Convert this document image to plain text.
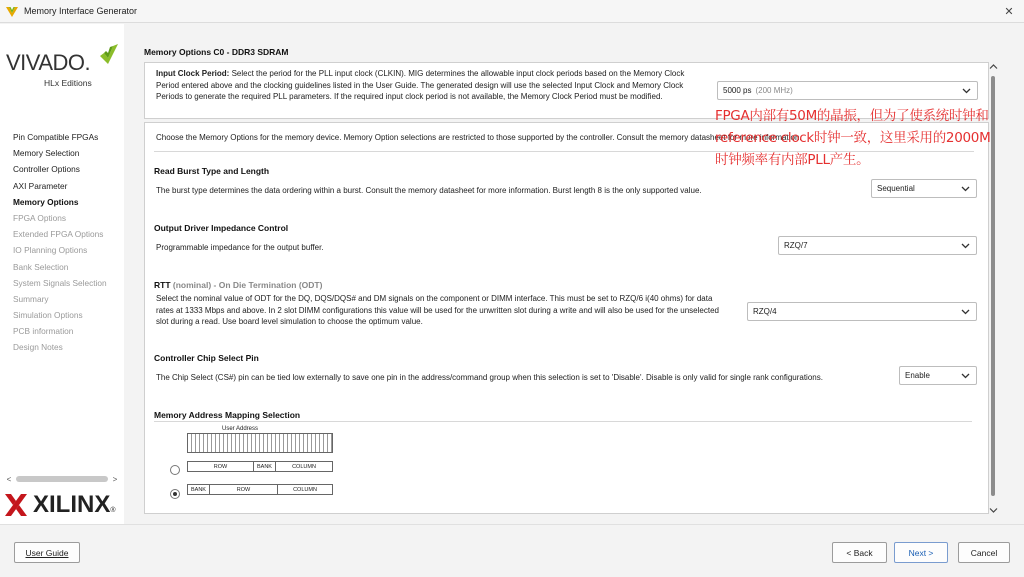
Memory Interface Generator	✕
VIVADO.
HLx Editions
Pin Compatible FPGAs
Memory Selection
Controller Options
AXI Parameter
Memory Options
FPGA Options
Extended FPGA Options
IO Planning Options
Bank Selection
System Signals Selection
Summary
Simulation Options
PCB information
Design Notes
<	>
XILINX®
Memory Options C0 - DDR3 SDRAM
Input Clock Period: Select the period for the PLL input clock (CLKIN). MIG determines the allowable input clock periods based on the Memory Clock Period entered above and the clocking guidelines listed in the User Guide. The generated design will use the selected Input Clock and Memory Clock Periods to generate the required PLL parameters. If the required input clock period is not available, the Memory Clock Period must be modified.
5000 ps (200 MHz)
Choose the Memory Options for the memory device. Memory Option selections are restricted to those supported by the controller. Consult the memory datasheet for more information.
Read Burst Type and Length
The burst type determines the data ordering within a burst. Consult the memory datasheet for more information. Burst length 8 is the only supported value.	Sequential
Output Driver Impedance Control
Programmable impedance for the output buffer.	RZQ/7
RTT (nominal) - On Die Termination (ODT)
Select the nominal value of ODT for the DQ, DQS/DQS# and DM signals on the component or DIMM interface. This must be set to RZQ/6 i(40 ohms) for data rates at 1333 Mbps and above. In 2 slot DIMM configurations this value will be used for the unwritten slot during a write and will also be used for the unselected slot during a read. Use board level simulation to choose the optimum value.
RZQ/4
Controller Chip Select Pin
The Chip Select (CS#) pin can be tied low externally to save one pin in the address/command group when this selection is set to 'Disable'. Disable is only valid for single rank configurations.	Enable
Memory Address Mapping Selection
User Address
ROW	BANK	COLUMN
BANK	ROW	COLUMN
FPGA内部有50M的晶振，但为了使系统时钟和reference clock时钟一致，这里采用的2000M时钟频率有内部PLL产生。
User Guide	< Back	Next >	Cancel
